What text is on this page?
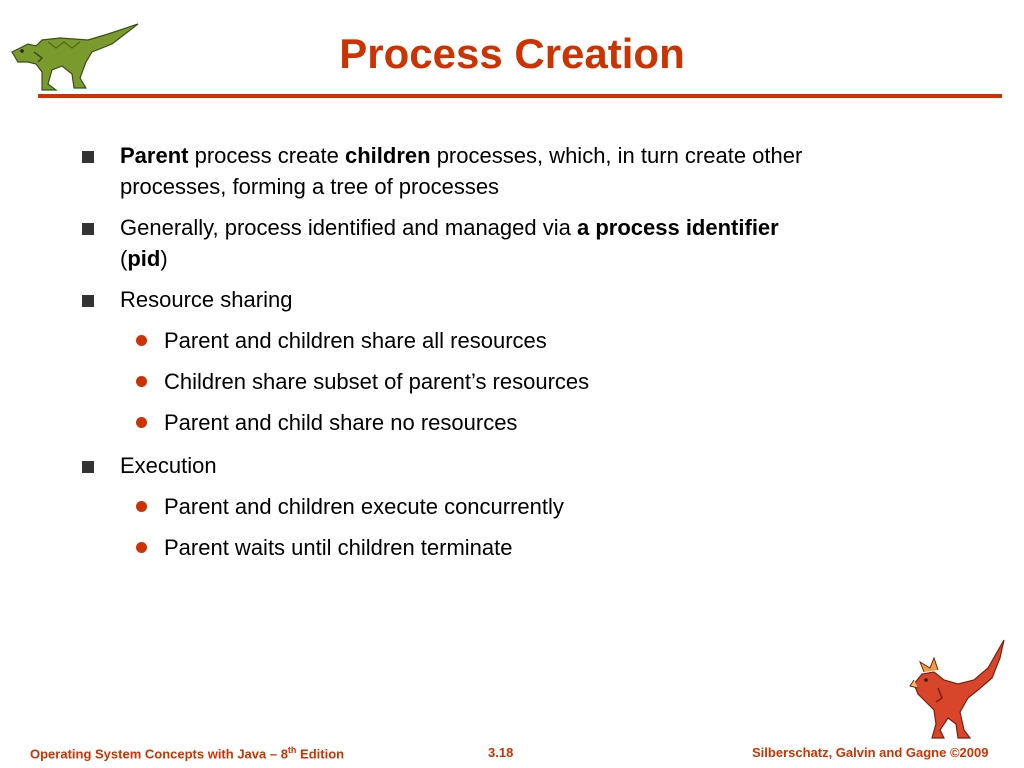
Process Creation
Parent process create children processes, which, in turn create other processes, forming a tree of processes
Generally, process identified and managed via a process identifier
(pid)
Resource sharing
Parent and children share all resources
Children share subset of parent’s resources
Parent and child share no resources
Execution
Parent and children execute concurrently
Parent waits until children terminate
Operating System Concepts with Java – 8th Edition	3.18	Silberschatz, Galvin and Gagne ©2009
